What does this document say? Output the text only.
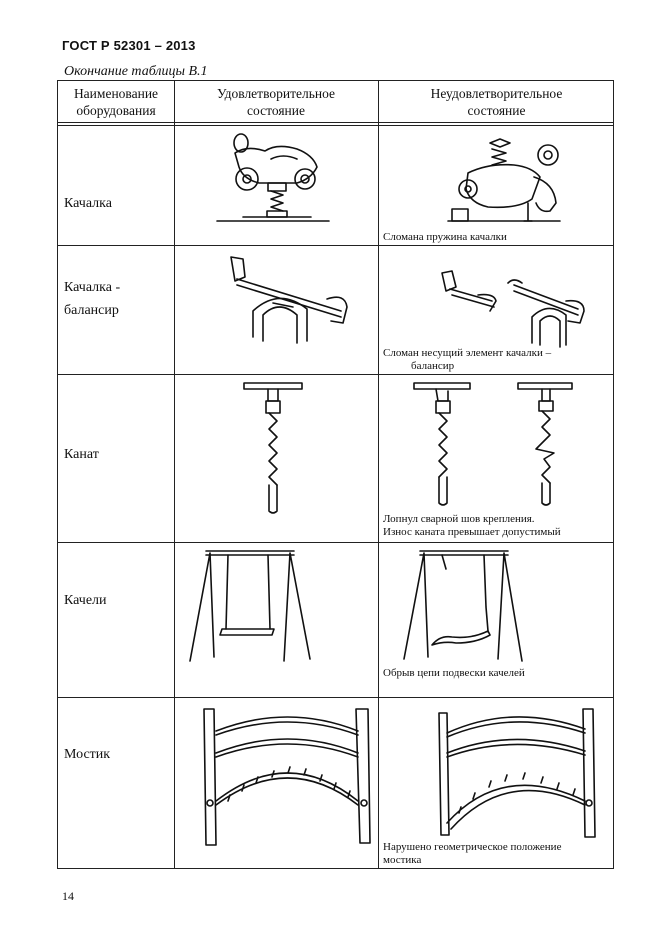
ГОСТ Р 52301 – 2013
Окончание таблицы В.1
Наименование
оборудования
Удовлетворительное
состояние
Неудовлетворительное
состояние
Качалка
Сломана пружина качалки
Качалка -
балансир
Сломан несущий элемент качалки –
балансир
Канат
Лопнул сварной шов крепления.
Износ каната превышает допустимый
Качели
Обрыв цепи подвески качелей
Мостик
Нарушено геометрическое положение
мостика
14
